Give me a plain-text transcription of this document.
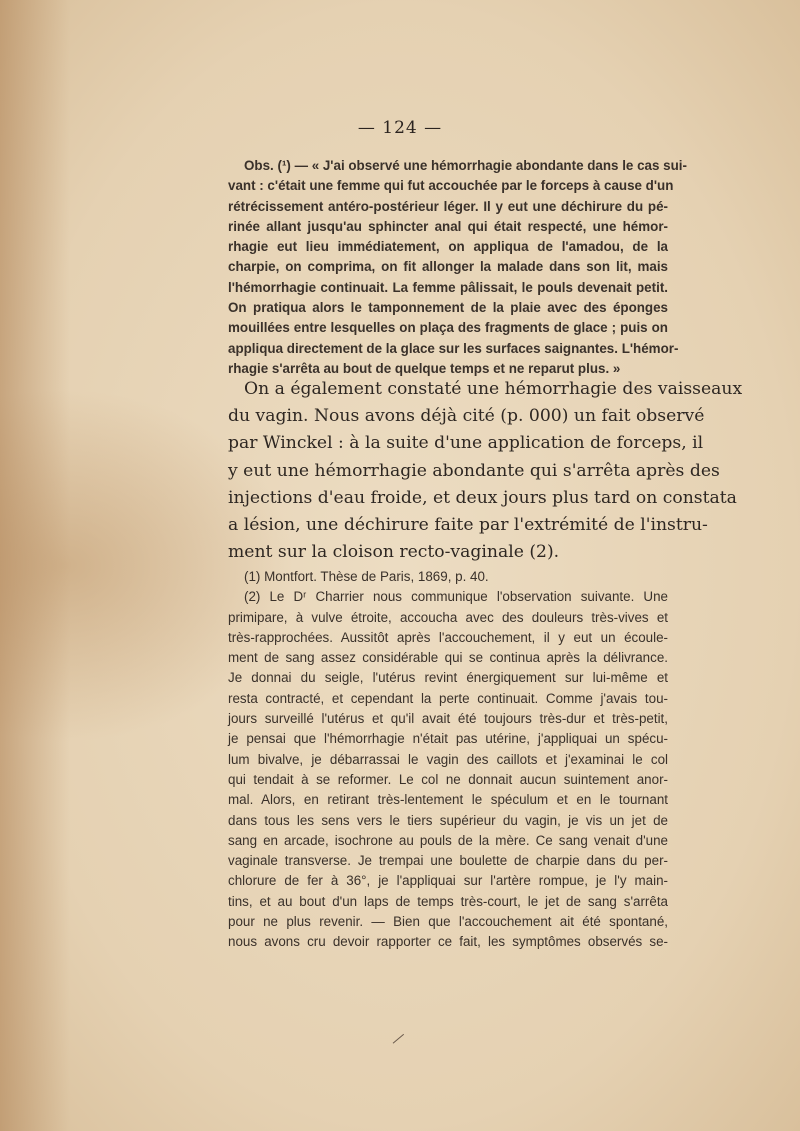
— 124 —
Obs. (¹) — « J'ai observé une hémorrhagie abondante dans le cas sui-
vant : c'était une femme qui fut accouchée par le forceps à cause d'un
rétrécissement antéro-postérieur léger. Il y eut une déchirure du pé-
rinée allant jusqu'au sphincter anal qui était respecté, une hémor-
rhagie eut lieu immédiatement, on appliqua de l'amadou, de la
charpie, on comprima, on fit allonger la malade dans son lit, mais
l'hémorrhagie continuait. La femme pâlissait, le pouls devenait petit.
On pratiqua alors le tamponnement de la plaie avec des éponges
mouillées entre lesquelles on plaça des fragments de glace ; puis on
appliqua directement de la glace sur les surfaces saignantes. L'hémor-
rhagie s'arrêta au bout de quelque temps et ne reparut plus. »
On a également constaté une hémorrhagie des vaisseaux
du vagin. Nous avons déjà cité (p. 000) un fait observé
par Winckel : à la suite d'une application de forceps, il
y eut une hémorrhagie abondante qui s'arrêta après des
injections d'eau froide, et deux jours plus tard on constata
a lésion, une déchirure faite par l'extrémité de l'instru-
ment sur la cloison recto-vaginale (2).
(1) Montfort. Thèse de Paris, 1869, p. 40.
(2) Le Dʳ Charrier nous communique l'observation suivante. Une
primipare, à vulve étroite, accoucha avec des douleurs très-vives et
très-rapprochées. Aussitôt après l'accouchement, il y eut un écoule-
ment de sang assez considérable qui se continua après la délivrance.
Je donnai du seigle, l'utérus revint énergiquement sur lui-même et
resta contracté, et cependant la perte continuait. Comme j'avais tou-
jours surveillé l'utérus et qu'il avait été toujours très-dur et très-petit,
je pensai que l'hémorrhagie n'était pas utérine, j'appliquai un spécu-
lum bivalve, je débarrassai le vagin des caillots et j'examinai le col
qui tendait à se reformer. Le col ne donnait aucun suintement anor-
mal. Alors, en retirant très-lentement le spéculum et en le tournant
dans tous les sens vers le tiers supérieur du vagin, je vis un jet de
sang en arcade, isochrone au pouls de la mère. Ce sang venait d'une
vaginale transverse. Je trempai une boulette de charpie dans du per-
chlorure de fer à 36°, je l'appliquai sur l'artère rompue, je l'y main-
tins, et au bout d'un laps de temps très-court, le jet de sang s'arrêta
pour ne plus revenir. — Bien que l'accouchement ait été spontané,
nous avons cru devoir rapporter ce fait, les symptômes observés se-
